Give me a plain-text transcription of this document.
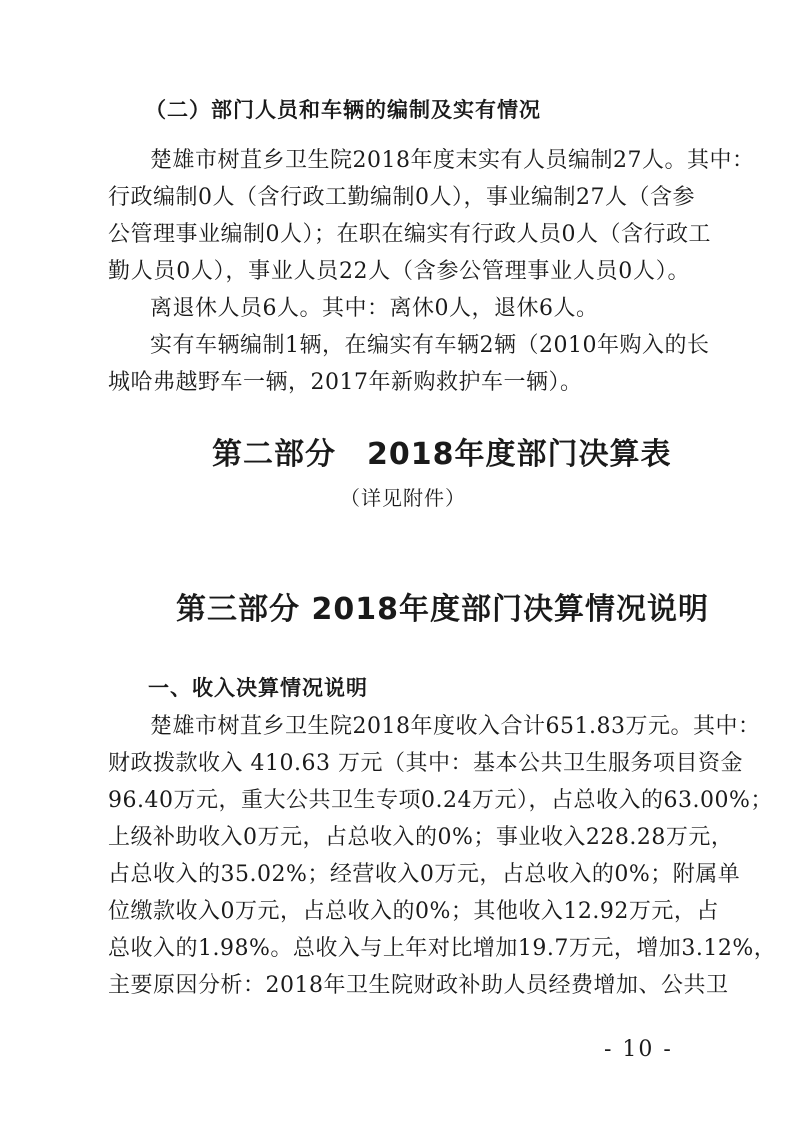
（二）部门人员和车辆的编制及实有情况
楚雄市树苴乡卫生院2018年度末实有人员编制27人。其中：
行政编制0人（含行政工勤编制0人），事业编制27人（含参
公管理事业编制0人）；在职在编实有行政人员0人（含行政工
勤人员0人），事业人员22人（含参公管理事业人员0人）。
离退休人员6人。其中：离休0人，退休6人。
实有车辆编制1辆，在编实有车辆2辆（2010年购入的长
城哈弗越野车一辆，2017年新购救护车一辆）。
第二部分　2018年度部门决算表
（详见附件）
第三部分 2018年度部门决算情况说明
一、收入决算情况说明
楚雄市树苴乡卫生院2018年度收入合计651.83万元。其中：
财政拨款收入 410.63 万元（其中：基本公共卫生服务项目资金
96.40万元，重大公共卫生专项0.24万元），占总收入的63.00%；
上级补助收入0万元，占总收入的0%；事业收入228.28万元，
占总收入的35.02%；经营收入0万元，占总收入的0%；附属单
位缴款收入0万元，占总收入的0%；其他收入12.92万元，占
总收入的1.98%。总收入与上年对比增加19.7万元，增加3.12%，
主要原因分析：2018年卫生院财政补助人员经费增加、公共卫
- 10 -
